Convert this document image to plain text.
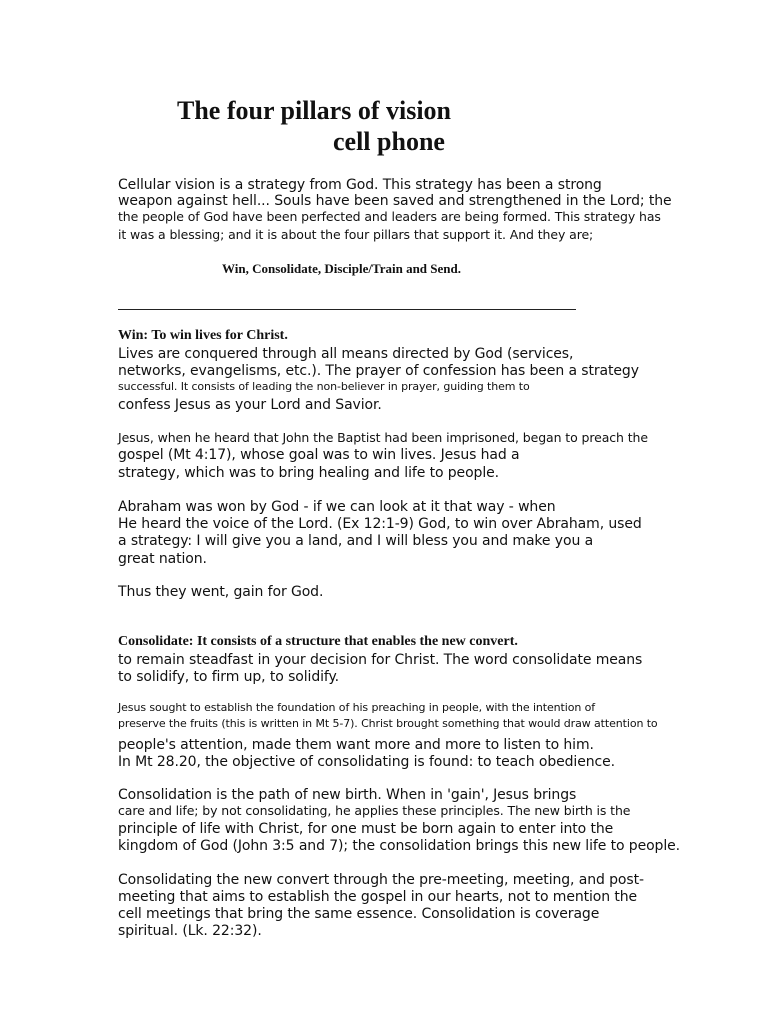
The four pillars of vision
cell phone
Cellular vision is a strategy from God. This strategy has been a strong
weapon against hell... Souls have been saved and strengthened in the Lord; the
the people of God have been perfected and leaders are being formed. This strategy has
it was a blessing; and it is about the four pillars that support it. And they are;
Win, Consolidate, Disciple/Train and Send.
Win: To win lives for Christ.
Lives are conquered through all means directed by God (services,
networks, evangelisms, etc.). The prayer of confession has been a strategy
successful. It consists of leading the non-believer in prayer, guiding them to
confess Jesus as your Lord and Savior.
Jesus, when he heard that John the Baptist had been imprisoned, began to preach the
gospel (Mt 4:17), whose goal was to win lives. Jesus had a
strategy, which was to bring healing and life to people.
Abraham was won by God - if we can look at it that way - when
He heard the voice of the Lord. (Ex 12:1-9) God, to win over Abraham, used
a strategy: I will give you a land, and I will bless you and make you a
great nation.
Thus they went, gain for God.
Consolidate: It consists of a structure that enables the new convert.
to remain steadfast in your decision for Christ. The word consolidate means
to solidify, to firm up, to solidify.
Jesus sought to establish the foundation of his preaching in people, with the intention of
preserve the fruits (this is written in Mt 5-7). Christ brought something that would draw attention to
people's attention, made them want more and more to listen to him.
In Mt 28.20, the objective of consolidating is found: to teach obedience.
Consolidation is the path of new birth. When in 'gain', Jesus brings
care and life; by not consolidating, he applies these principles. The new birth is the
principle of life with Christ, for one must be born again to enter into the
kingdom of God (John 3:5 and 7); the consolidation brings this new life to people.
Consolidating the new convert through the pre-meeting, meeting, and post-
meeting that aims to establish the gospel in our hearts, not to mention the
cell meetings that bring the same essence. Consolidation is coverage
spiritual. (Lk. 22:32).
